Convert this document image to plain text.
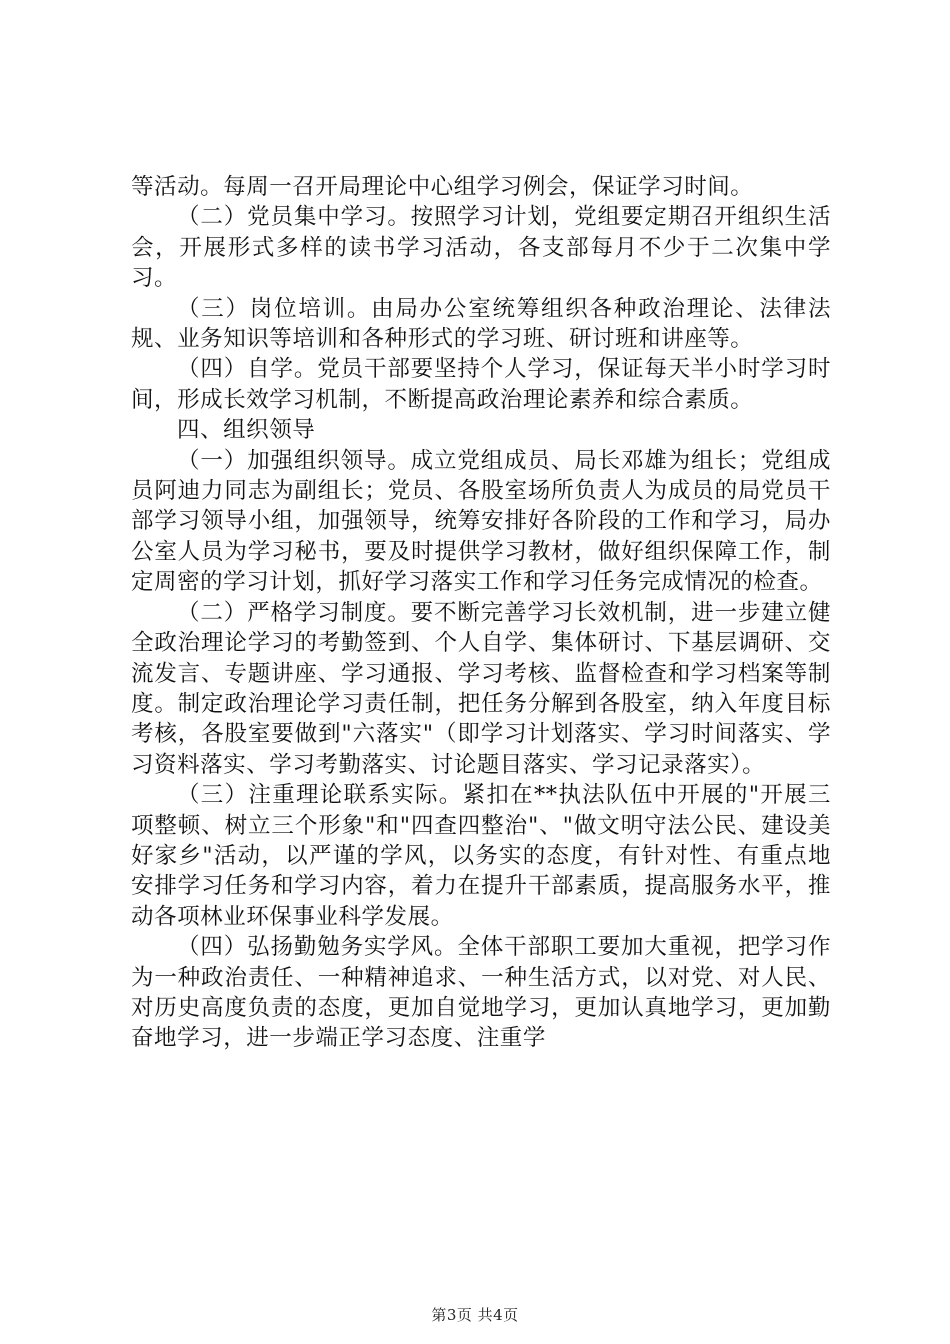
等活动。每周一召开局理论中心组学习例会，保证学习时间。

（二）党员集中学习。按照学习计划，党组要定期召开组织生活会，开展形式多样的读书学习活动，各支部每月不少于二次集中学习。

（三）岗位培训。由局办公室统筹组织各种政治理论、法律法规、业务知识等培训和各种形式的学习班、研讨班和讲座等。

（四）自学。党员干部要坚持个人学习，保证每天半小时学习时间，形成长效学习机制，不断提高政治理论素养和综合素质。

四、组织领导

（一）加强组织领导。成立党组成员、局长邓雄为组长；党组成员阿迪力同志为副组长；党员、各股室场所负责人为成员的局党员干部学习领导小组，加强领导，统筹安排好各阶段的工作和学习，局办公室人员为学习秘书，要及时提供学习教材，做好组织保障工作，制定周密的学习计划，抓好学习落实工作和学习任务完成情况的检查。

（二）严格学习制度。要不断完善学习长效机制，进一步建立健全政治理论学习的考勤签到、个人自学、集体研讨、下基层调研、交流发言、专题讲座、学习通报、学习考核、监督检查和学习档案等制度。制定政治理论学习责任制，把任务分解到各股室，纳入年度目标考核，各股室要做到"六落实"（即学习计划落实、学习时间落实、学习资料落实、学习考勤落实、讨论题目落实、学习记录落实）。

（三）注重理论联系实际。紧扣在**执法队伍中开展的"开展三项整顿、树立三个形象"和"四查四整治"、"做文明守法公民、建设美好家乡"活动，以严谨的学风，以务实的态度，有针对性、有重点地安排学习任务和学习内容，着力在提升干部素质，提高服务水平，推动各项林业环保事业科学发展。

（四）弘扬勤勉务实学风。全体干部职工要加大重视，把学习作为一种政治责任、一种精神追求、一种生活方式，以对党、对人民、对历史高度负责的态度，更加自觉地学习，更加认真地学习，更加勤奋地学习，进一步端正学习态度、注重学

第3页 共4页
